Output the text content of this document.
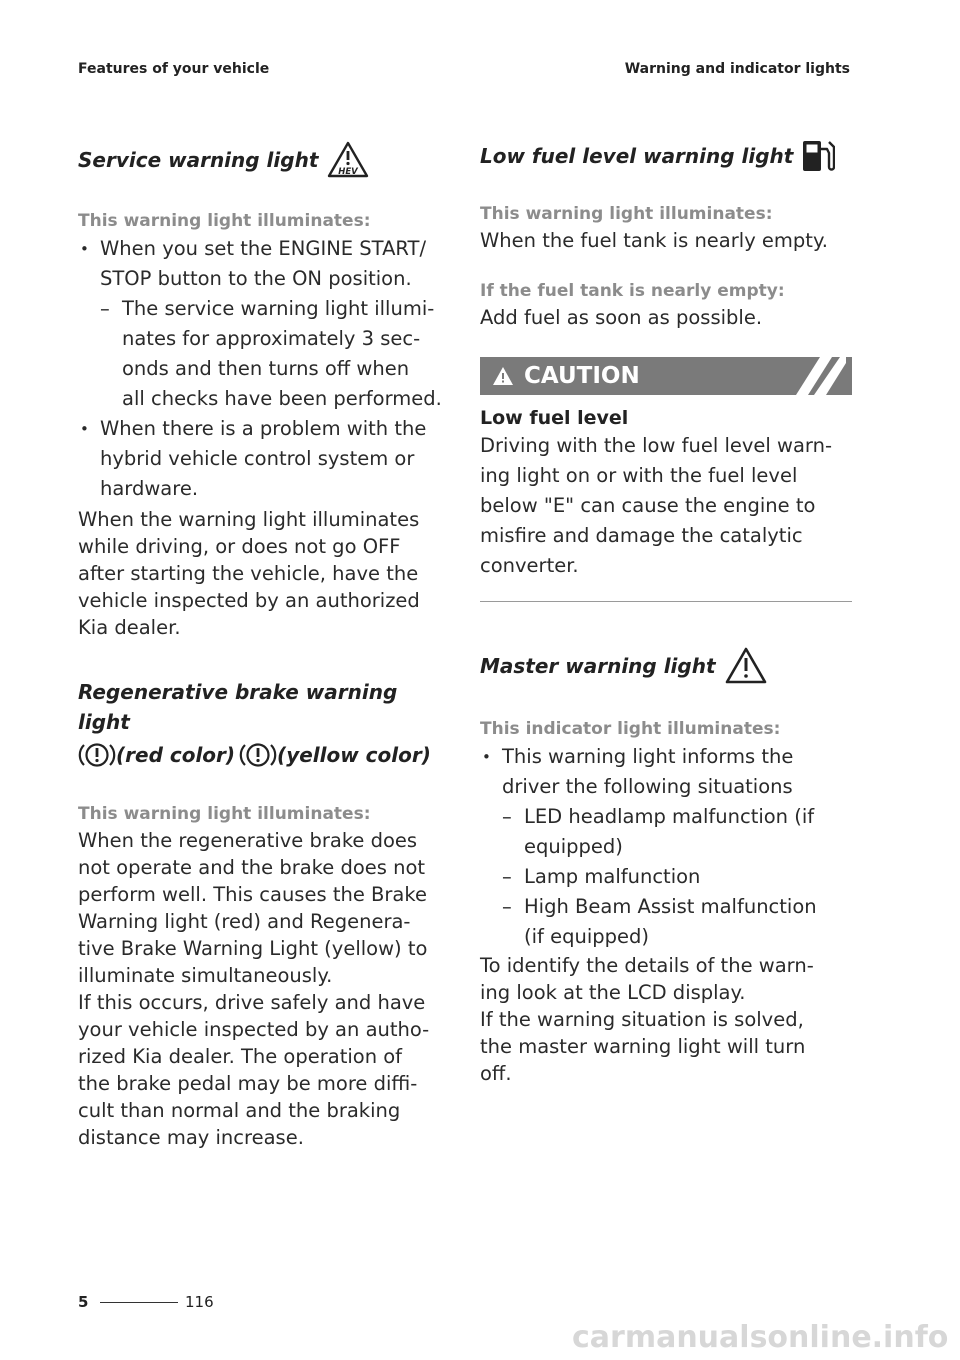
Features of your vehicle	Warning and indicator lights
Service warning light HEV

This warning light illuminates:

• When you set the ENGINE START/
STOP button to the ON position.
– The service warning light illumi-
nates for approximately 3 sec-
onds and then turns off when
all checks have been performed.
• When there is a problem with the
hybrid vehicle control system or
hardware.
When the warning light illuminates
while driving, or does not go OFF
after starting the vehicle, have the
vehicle inspected by an authorized
Kia dealer.
Regenerative brake warning light
(red color) (yellow color)

This warning light illuminates:

When the regenerative brake does
not operate and the brake does not
perform well. This causes the Brake
Warning light (red) and Regenera-
tive Brake Warning Light (yellow) to
illuminate simultaneously.
If this occurs, drive safely and have
your vehicle inspected by an autho-
rized Kia dealer. The operation of
the brake pedal may be more diffi-
cult than normal and the braking
distance may increase.
Low fuel level warning light

This warning light illuminates:

When the fuel tank is nearly empty.

If the fuel tank is nearly empty:

Add fuel as soon as possible.

CAUTION

Low fuel level

Driving with the low fuel level warn-
ing light on or with the fuel level
below "E" can cause the engine to
misfire and damage the catalytic
converter.
Master warning light

This indicator light illuminates:

• This warning light informs the
driver the following situations
– LED headlamp malfunction (if
equipped)
– Lamp malfunction
– High Beam Assist malfunction
(if equipped)
To identify the details of the warn-
ing look at the LCD display.
If the warning situation is solved,
the master warning light will turn
off.
5	116
carmanualsonline.info
